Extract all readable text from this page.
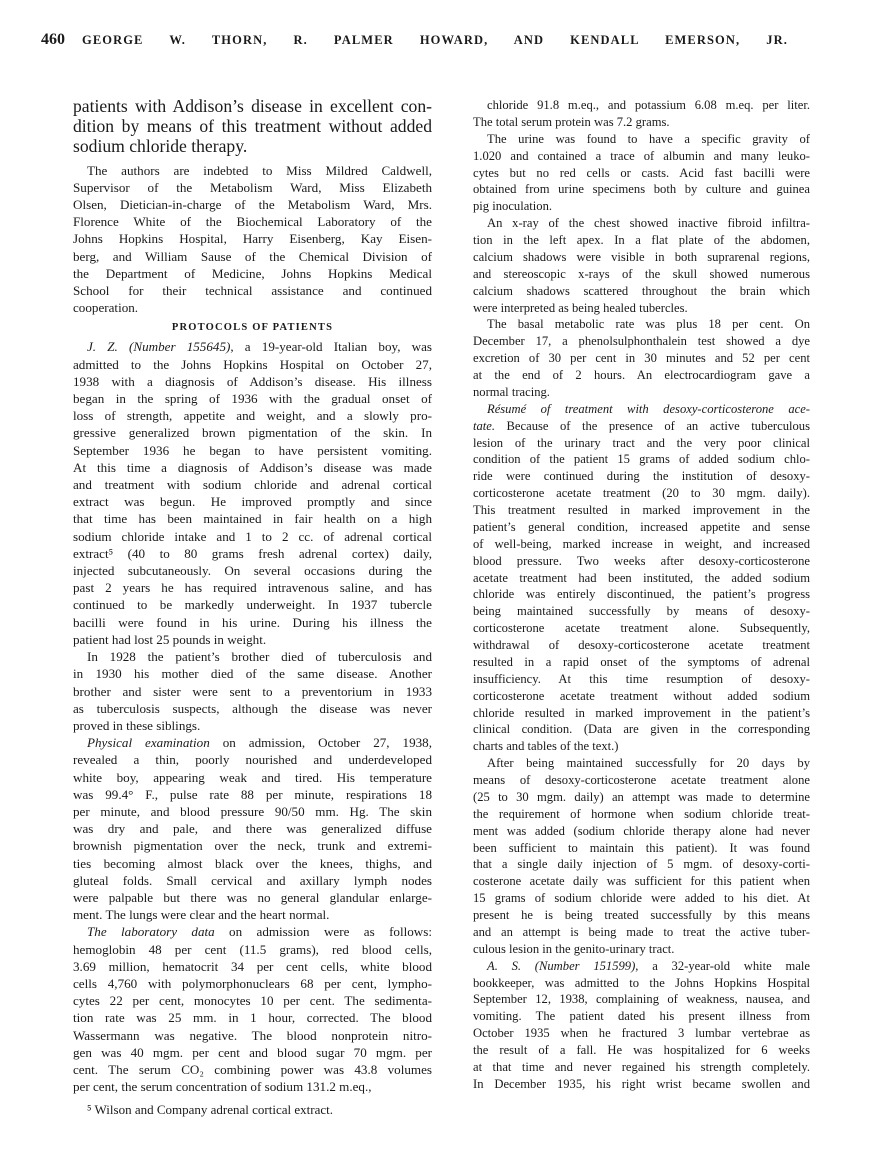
460 GEORGE W. THORN, R. PALMER HOWARD, AND KENDALL EMERSON, JR.
patients with Addison’s disease in excellent con-
dition by means of this treatment without added
sodium chloride therapy.
The authors are indebted to Miss Mildred Caldwell,
Supervisor of the Metabolism Ward, Miss Elizabeth
Olsen, Dietician-in-charge of the Metabolism Ward, Mrs.
Florence White of the Biochemical Laboratory of the
Johns Hopkins Hospital, Harry Eisenberg, Kay Eisen-
berg, and William Sause of the Chemical Division of
the Department of Medicine, Johns Hopkins Medical
School for their technical assistance and continued
cooperation.
PROTOCOLS OF PATIENTS
J. Z. (Number 155645), a 19-year-old Italian boy, was
admitted to the Johns Hopkins Hospital on October 27,
1938 with a diagnosis of Addison’s disease. His illness
began in the spring of 1936 with the gradual onset of
loss of strength, appetite and weight, and a slowly pro-
gressive generalized brown pigmentation of the skin. In
September 1936 he began to have persistent vomiting.
At this time a diagnosis of Addison’s disease was made
and treatment with sodium chloride and adrenal cortical
extract was begun. He improved promptly and since
that time has been maintained in fair health on a high
sodium chloride intake and 1 to 2 cc. of adrenal cortical
extract⁵ (40 to 80 grams fresh adrenal cortex) daily,
injected subcutaneously. On several occasions during the
past 2 years he has required intravenous saline, and has
continued to be markedly underweight. In 1937 tubercle
bacilli were found in his urine. During his illness the
patient had lost 25 pounds in weight.
In 1928 the patient’s brother died of tuberculosis and
in 1930 his mother died of the same disease. Another
brother and sister were sent to a preventorium in 1933
as tuberculosis suspects, although the disease was never
proved in these siblings.
Physical examination on admission, October 27, 1938,
revealed a thin, poorly nourished and underdeveloped
white boy, appearing weak and tired. His temperature
was 99.4° F., pulse rate 88 per minute, respirations 18
per minute, and blood pressure 90/50 mm. Hg. The skin
was dry and pale, and there was generalized diffuse
brownish pigmentation over the neck, trunk and extremi-
ties becoming almost black over the knees, thighs, and
gluteal folds. Small cervical and axillary lymph nodes
were palpable but there was no general glandular enlarge-
ment. The lungs were clear and the heart normal.
The laboratory data on admission were as follows:
hemoglobin 48 per cent (11.5 grams), red blood cells,
3.69 million, hematocrit 34 per cent cells, white blood
cells 4,760 with polymorphonuclears 68 per cent, lympho-
cytes 22 per cent, monocytes 10 per cent. The sedimenta-
tion rate was 25 mm. in 1 hour, corrected. The blood
Wassermann was negative. The blood nonprotein nitro-
gen was 40 mgm. per cent and blood sugar 70 mgm. per
cent. The serum CO₂ combining power was 43.8 volumes
per cent, the serum concentration of sodium 131.2 m.eq.,
⁵ Wilson and Company adrenal cortical extract.
chloride 91.8 m.eq., and potassium 6.08 m.eq. per liter.
The total serum protein was 7.2 grams.
The urine was found to have a specific gravity of
1.020 and contained a trace of albumin and many leuko-
cytes but no red cells or casts. Acid fast bacilli were
obtained from urine specimens both by culture and guinea
pig inoculation.
An x-ray of the chest showed inactive fibroid infiltra-
tion in the left apex. In a flat plate of the abdomen,
calcium shadows were visible in both suprarenal regions,
and stereoscopic x-rays of the skull showed numerous
calcium shadows scattered throughout the brain which
were interpreted as being healed tubercles.
The basal metabolic rate was plus 18 per cent. On
December 17, a phenolsulphonthalein test showed a dye
excretion of 30 per cent in 30 minutes and 52 per cent
at the end of 2 hours. An electrocardiogram gave a
normal tracing.
Résumé of treatment with desoxy-corticosterone ace-
tate. Because of the presence of an active tuberculous
lesion of the urinary tract and the very poor clinical
condition of the patient 15 grams of added sodium chlo-
ride were continued during the institution of desoxy-
corticosterone acetate treatment (20 to 30 mgm. daily).
This treatment resulted in marked improvement in the
patient’s general condition, increased appetite and sense
of well-being, marked increase in weight, and increased
blood pressure. Two weeks after desoxy-corticosterone
acetate treatment had been instituted, the added sodium
chloride was entirely discontinued, the patient’s progress
being maintained successfully by means of desoxy-
corticosterone acetate treatment alone. Subsequently,
withdrawal of desoxy-corticosterone acetate treatment
resulted in a rapid onset of the symptoms of adrenal
insufficiency. At this time resumption of desoxy-
corticosterone acetate treatment without added sodium
chloride resulted in marked improvement in the patient’s
clinical condition. (Data are given in the corresponding
charts and tables of the text.)
After being maintained successfully for 20 days by
means of desoxy-corticosterone acetate treatment alone
(25 to 30 mgm. daily) an attempt was made to determine
the requirement of hormone when sodium chloride treat-
ment was added (sodium chloride therapy alone had never
been sufficient to maintain this patient). It was found
that a single daily injection of 5 mgm. of desoxy-corti-
costerone acetate daily was sufficient for this patient when
15 grams of sodium chloride were added to his diet. At
present he is being treated successfully by this means
and an attempt is being made to treat the active tuber-
culous lesion in the genito-urinary tract.
A. S. (Number 151599), a 32-year-old white male
bookkeeper, was admitted to the Johns Hopkins Hospital
September 12, 1938, complaining of weakness, nausea, and
vomiting. The patient dated his present illness from
October 1935 when he fractured 3 lumbar vertebrae as
the result of a fall. He was hospitalized for 6 weeks
at that time and never regained his strength completely.
In December 1935, his right wrist became swollen and
